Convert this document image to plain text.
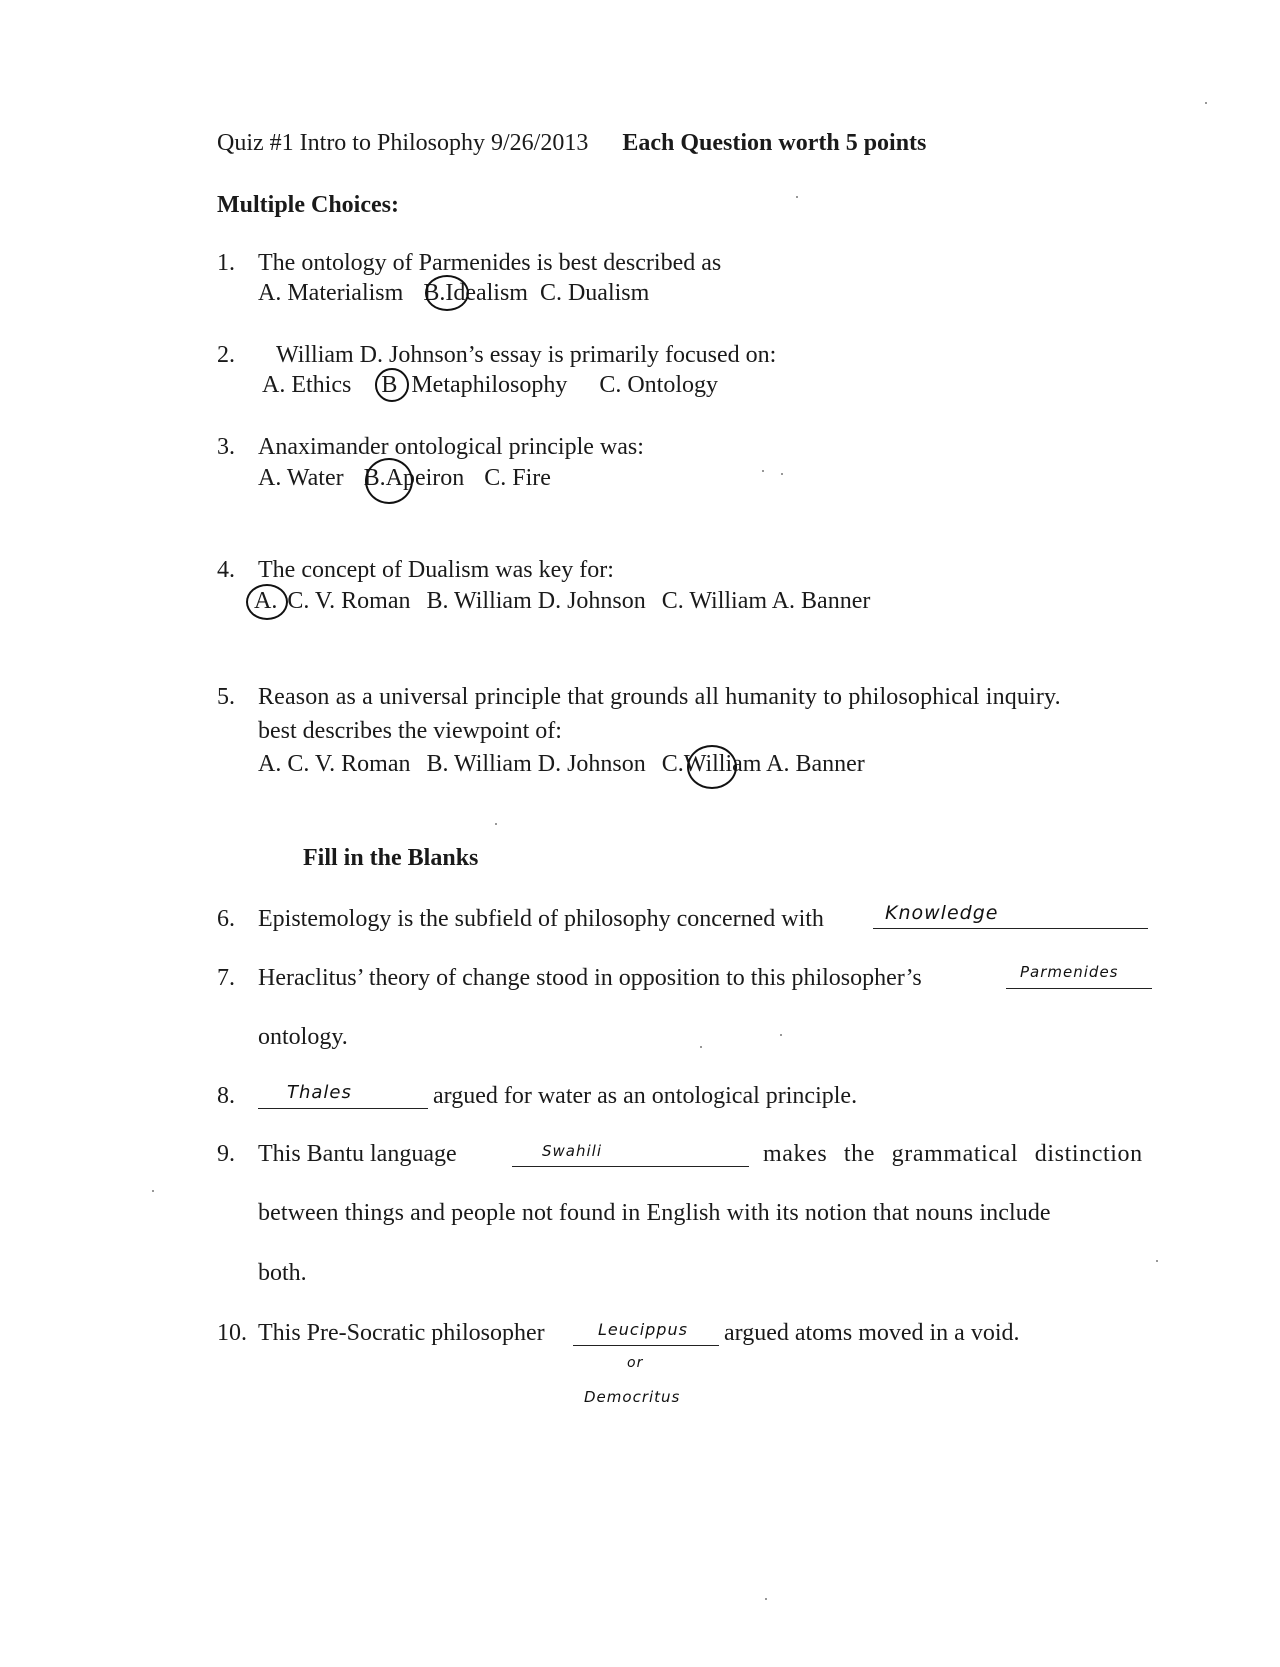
Quiz #1 Intro to Philosophy 9/26/2013 Each Question worth 5 points
Multiple Choices:
1. The ontology of Parmenides is best described as
A. Materialism B.Idealism C. Dualism
2. William D. Johnson’s essay is primarily focused on:
A. Ethics B Metaphilosophy C. Ontology
3. Anaximander ontological principle was:
A. Water B.Apeiron C. Fire
4. The concept of Dualism was key for:
A. C. V. Roman B. William D. Johnson C. William A. Banner
5. Reason as a universal principle that grounds all humanity to philosophical inquiry.
best describes the viewpoint of:
A. C. V. Roman B. William D. Johnson C.William A. Banner
Fill in the Blanks
6. Epistemology is the subfield of philosophy concerned with	Knowledge
7. Heraclitus’ theory of change stood in opposition to this philosopher’s	Parmenides
ontology.
8.	Thales	argued for water as an ontological principle.
9. This Bantu language	Swahili	makes the grammatical distinction
between things and people not found in English with its notion that nouns include
both.
10. This Pre-Socratic philosopher	Leucippus argued atoms moved in a void.
or
Democritus
